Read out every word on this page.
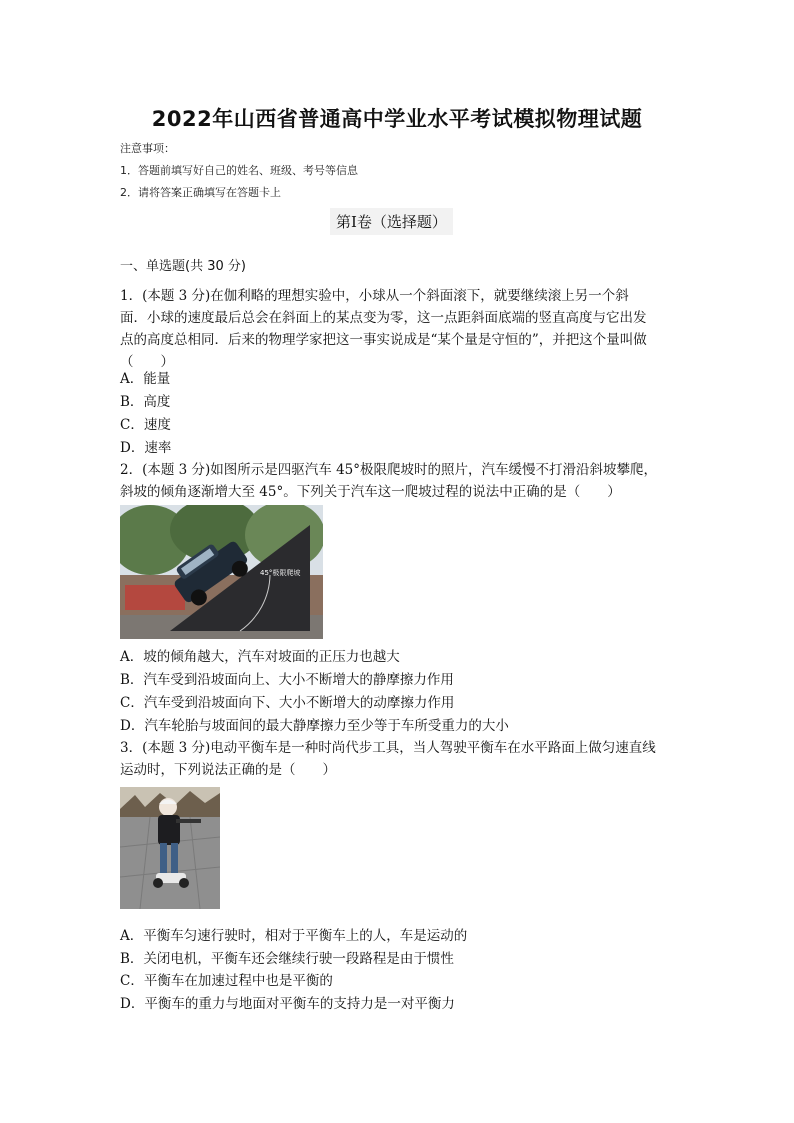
2022年山西省普通高中学业水平考试模拟物理试题
注意事项：
1．答题前填写好自己的姓名、班级、考号等信息
2．请将答案正确填写在答题卡上
第I卷（选择题）
一、单选题(共 30 分)
1．(本题 3 分)在伽利略的理想实验中，小球从一个斜面滚下，就要继续滚上另一个斜
面．小球的速度最后总会在斜面上的某点变为零，这一点距斜面底端的竖直高度与它出发
点的高度总相同．后来的物理学家把这一事实说成是“某个量是守恒的”，并把这个量叫做
（　　）
A．能量
B．高度
C．速度
D．速率
2．(本题 3 分)如图所示是四驱汽车 45°极限爬坡时的照片，汽车缓慢不打滑沿斜坡攀爬，
斜坡的倾角逐渐增大至 45°。下列关于汽车这一爬坡过程的说法中正确的是（　　）
45°极限爬坡
A．坡的倾角越大，汽车对坡面的正压力也越大
B．汽车受到沿坡面向上、大小不断增大的静摩擦力作用
C．汽车受到沿坡面向下、大小不断增大的动摩擦力作用
D．汽车轮胎与坡面间的最大静摩擦力至少等于车所受重力的大小
3．(本题 3 分)电动平衡车是一种时尚代步工具，当人驾驶平衡车在水平路面上做匀速直线
运动时，下列说法正确的是（　　）
A．平衡车匀速行驶时，相对于平衡车上的人，车是运动的
B．关闭电机，平衡车还会继续行驶一段路程是由于惯性
C．平衡车在加速过程中也是平衡的
D．平衡车的重力与地面对平衡车的支持力是一对平衡力
